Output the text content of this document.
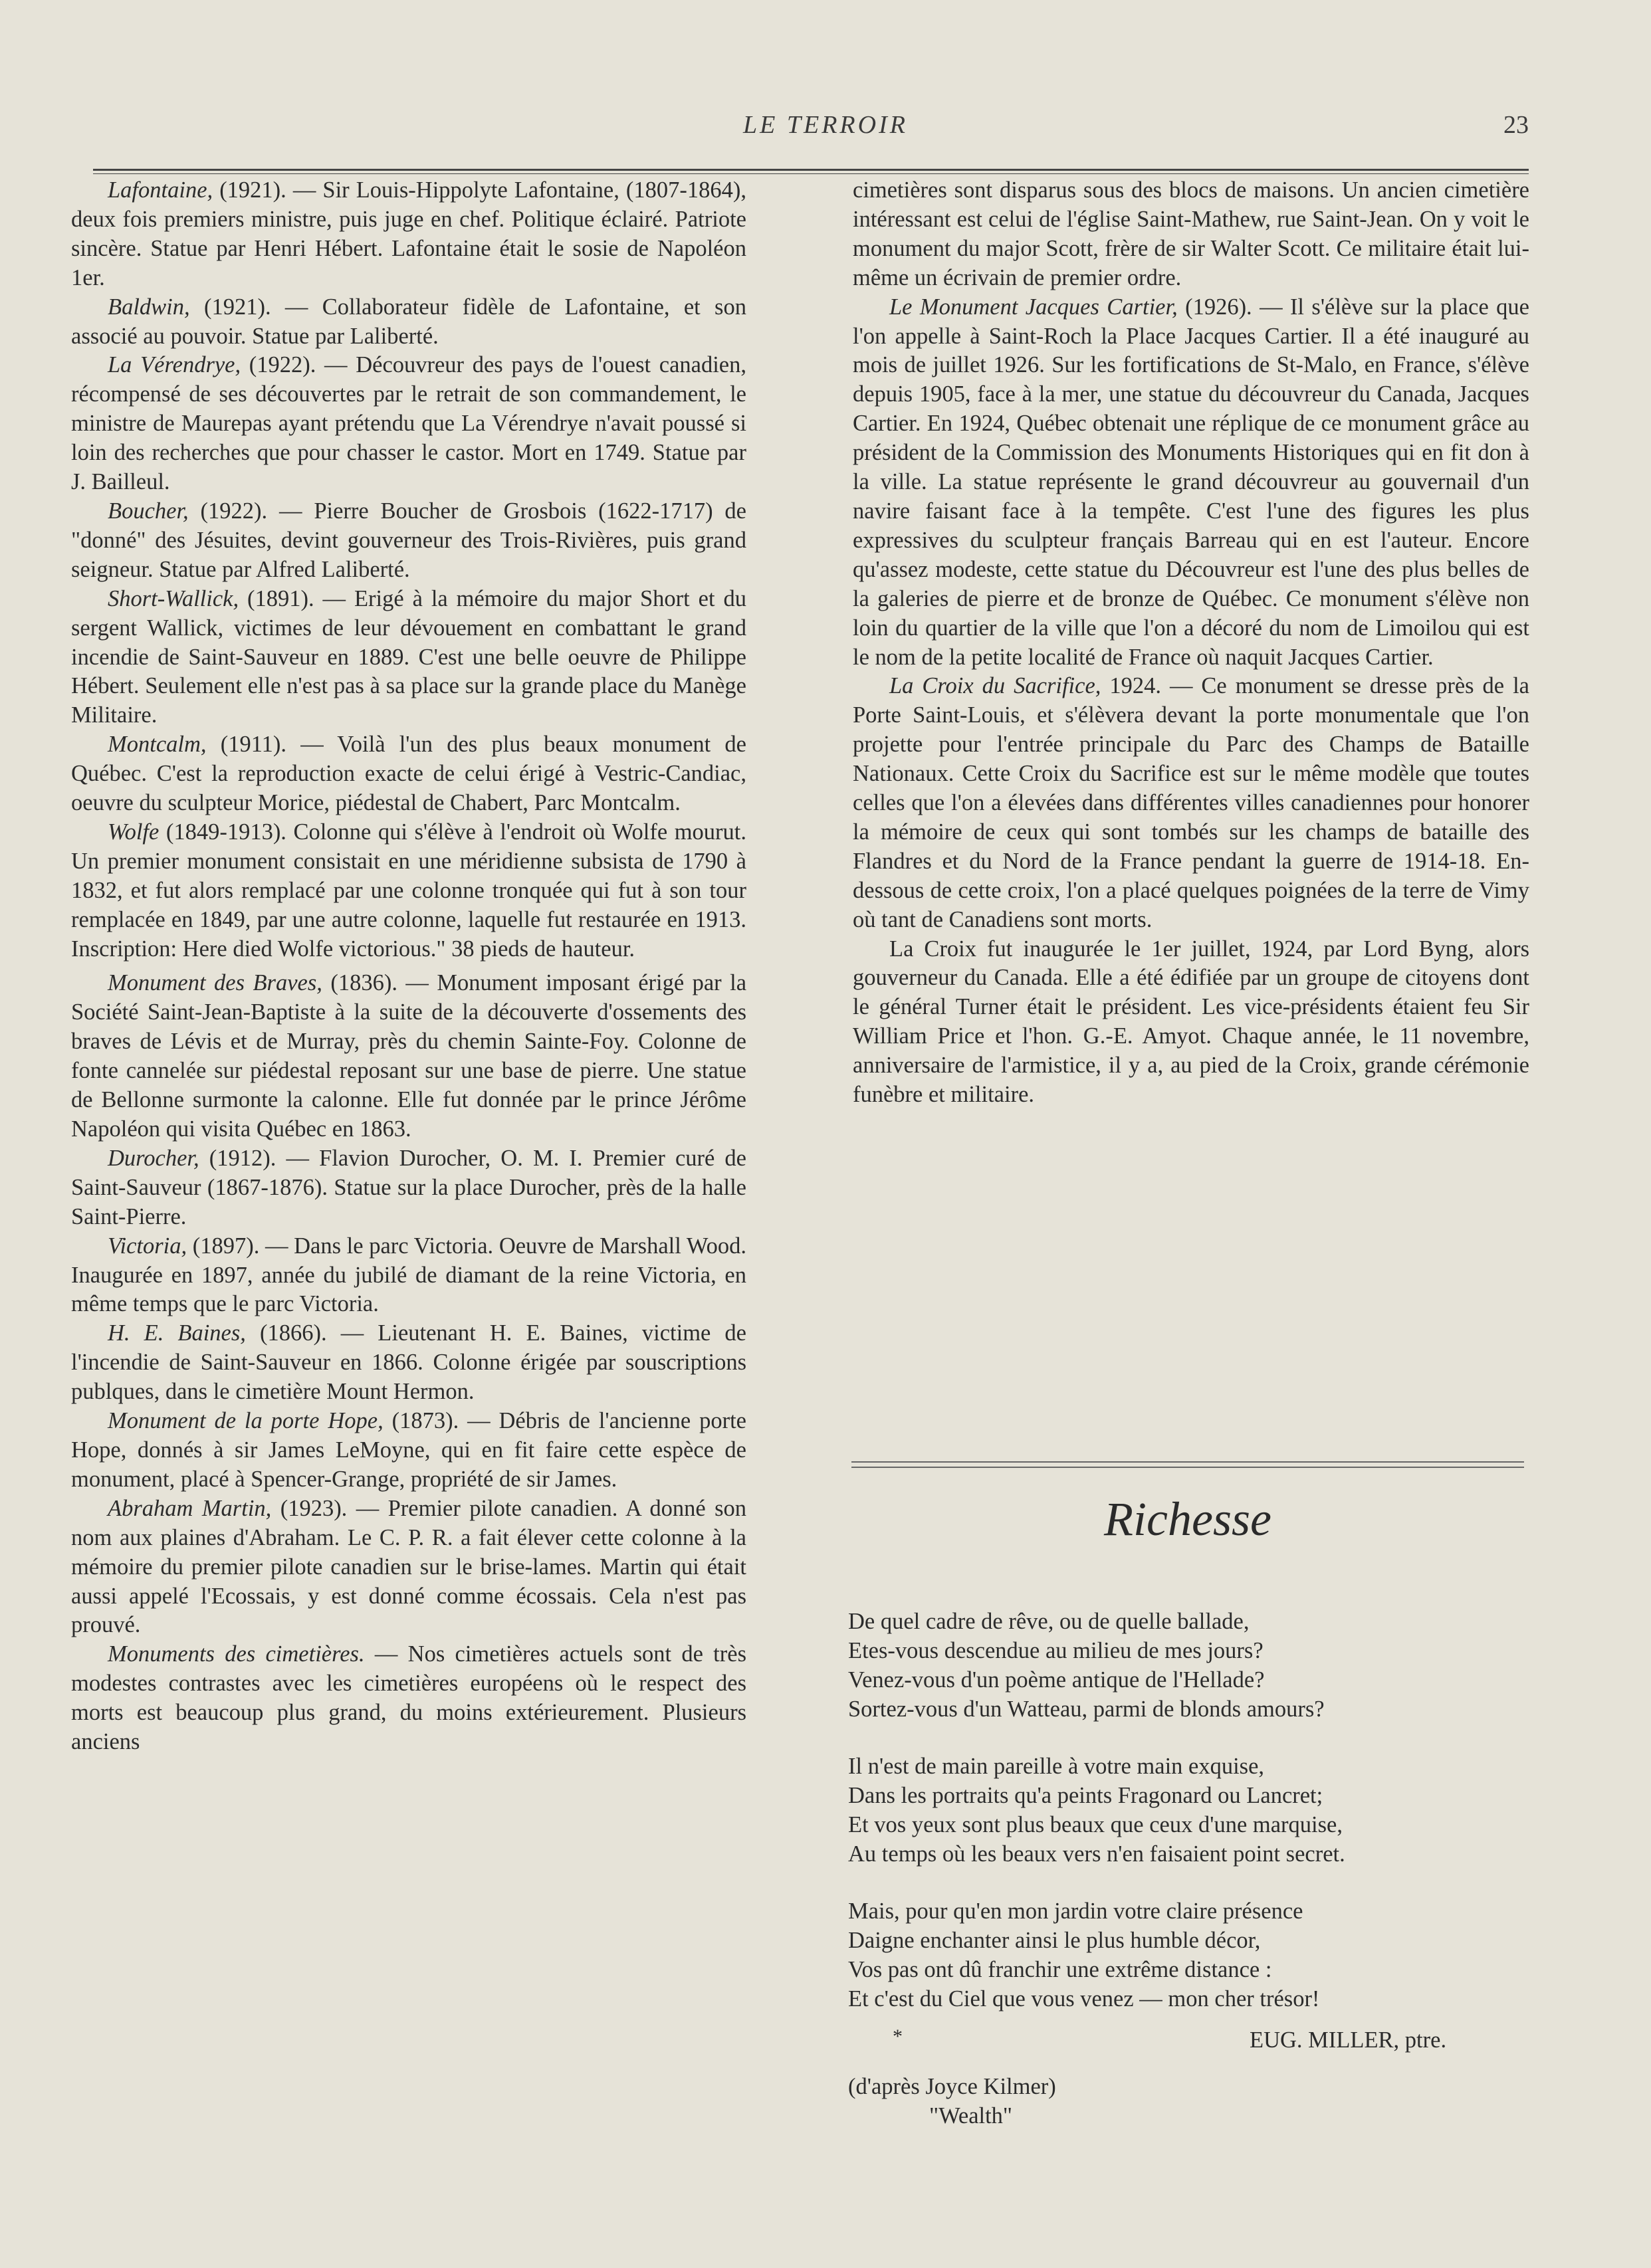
LE TERROIR	23

Lafontaine, (1921). — Sir Louis-Hippolyte Lafontaine, (1807-1864), deux fois premiers ministre, puis juge en chef. Politique éclairé. Patriote sincère. Statue par Henri Hébert. Lafontaine était le sosie de Napoléon 1er.

Baldwin, (1921). — Collaborateur fidèle de Lafontaine, et son associé au pouvoir. Statue par Laliberté.

La Vérendrye, (1922). — Découvreur des pays de l'ouest canadien, récompensé de ses découvertes par le retrait de son commandement, le ministre de Maurepas ayant prétendu que La Vérendrye n'avait poussé si loin des recherches que pour chasser le castor. Mort en 1749. Statue par J. Bailleul.

Boucher, (1922). — Pierre Boucher de Grosbois (1622-1717) de "donné" des Jésuites, devint gouverneur des Trois-Rivières, puis grand seigneur. Statue par Alfred Laliberté.

Short-Wallick, (1891). — Erigé à la mémoire du major Short et du sergent Wallick, victimes de leur dévouement en combattant le grand incendie de Saint-Sauveur en 1889. C'est une belle oeuvre de Philippe Hébert. Seulement elle n'est pas à sa place sur la grande place du Manège Militaire.

Montcalm, (1911). — Voilà l'un des plus beaux monument de Québec. C'est la reproduction exacte de celui érigé à Vestric-Candiac, oeuvre du sculpteur Morice, piédestal de Chabert, Parc Montcalm.

Wolfe (1849-1913). Colonne qui s'élève à l'endroit où Wolfe mourut. Un premier monument consistait en une méridienne subsista de 1790 à 1832, et fut alors remplacé par une colonne tronquée qui fut à son tour remplacée en 1849, par une autre colonne, laquelle fut restaurée en 1913. Inscription: Here died Wolfe victorious." 38 pieds de hauteur.

Monument des Braves, (1836). — Monument imposant érigé par la Société Saint-Jean-Baptiste à la suite de la découverte d'ossements des braves de Lévis et de Murray, près du chemin Sainte-Foy. Colonne de fonte cannelée sur piédestal reposant sur une base de pierre. Une statue de Bellonne surmonte la calonne. Elle fut donnée par le prince Jérôme Napoléon qui visita Québec en 1863.

Durocher, (1912). — Flavion Durocher, O. M. I. Premier curé de Saint-Sauveur (1867-1876). Statue sur la place Durocher, près de la halle Saint-Pierre.

Victoria, (1897). — Dans le parc Victoria. Oeuvre de Marshall Wood. Inaugurée en 1897, année du jubilé de diamant de la reine Victoria, en même temps que le parc Victoria.

H. E. Baines, (1866). — Lieutenant H. E. Baines, victime de l'incendie de Saint-Sauveur en 1866. Colonne érigée par souscriptions publques, dans le cimetière Mount Hermon.

Monument de la porte Hope, (1873). — Débris de l'ancienne porte Hope, donnés à sir James LeMoyne, qui en fit faire cette espèce de monument, placé à Spencer-Grange, propriété de sir James.

Abraham Martin, (1923). — Premier pilote canadien. A donné son nom aux plaines d'Abraham. Le C. P. R. a fait élever cette colonne à la mémoire du premier pilote canadien sur le brise-lames. Martin qui était aussi appelé l'Ecossais, y est donné comme écossais. Cela n'est pas prouvé.

Monuments des cimetières. — Nos cimetières actuels sont de très modestes contrastes avec les cimetières européens où le respect des morts est beaucoup plus grand, du moins extérieurement. Plusieurs anciens

cimetières sont disparus sous des blocs de maisons. Un ancien cimetière intéressant est celui de l'église Saint-Mathew, rue Saint-Jean. On y voit le monument du major Scott, frère de sir Walter Scott. Ce militaire était lui-même un écrivain de premier ordre.

Le Monument Jacques Cartier, (1926). — Il s'élève sur la place que l'on appelle à Saint-Roch la Place Jacques Cartier. Il a été inauguré au mois de juillet 1926. Sur les fortifications de St-Malo, en France, s'élève depuis 1905, face à la mer, une statue du découvreur du Canada, Jacques Cartier. En 1924, Québec obtenait une réplique de ce monument grâce au président de la Commission des Monuments Historiques qui en fit don à la ville. La statue représente le grand découvreur au gouvernail d'un navire faisant face à la tempête. C'est l'une des figures les plus expressives du sculpteur français Barreau qui en est l'auteur. Encore qu'assez modeste, cette statue du Découvreur est l'une des plus belles de la galeries de pierre et de bronze de Québec. Ce monument s'élève non loin du quartier de la ville que l'on a décoré du nom de Limoilou qui est le nom de la petite localité de France où naquit Jacques Cartier.

La Croix du Sacrifice, 1924. — Ce monument se dresse près de la Porte Saint-Louis, et s'élèvera devant la porte monumentale que l'on projette pour l'entrée principale du Parc des Champs de Bataille Nationaux. Cette Croix du Sacrifice est sur le même modèle que toutes celles que l'on a élevées dans différentes villes canadiennes pour honorer la mémoire de ceux qui sont tombés sur les champs de bataille des Flandres et du Nord de la France pendant la guerre de 1914-18. En-dessous de cette croix, l'on a placé quelques poignées de la terre de Vimy où tant de Canadiens sont morts.

La Croix fut inaugurée le 1er juillet, 1924, par Lord Byng, alors gouverneur du Canada. Elle a été édifiée par un groupe de citoyens dont le général Turner était le président. Les vice-présidents étaient feu Sir William Price et l'hon. G.-E. Amyot. Chaque année, le 11 novembre, anniversaire de l'armistice, il y a, au pied de la Croix, grande cérémonie funèbre et militaire.

Richesse
De quel cadre de rêve, ou de quelle ballade,
Etes-vous descendue au milieu de mes jours?
Venez-vous d'un poème antique de l'Hellade?
Sortez-vous d'un Watteau, parmi de blonds amours?
Il n'est de main pareille à votre main exquise,
Dans les portraits qu'a peints Fragonard ou Lancret;
Et vos yeux sont plus beaux que ceux d'une marquise,
Au temps où les beaux vers n'en faisaient point secret.
Mais, pour qu'en mon jardin votre claire présence
Daigne enchanter ainsi le plus humble décor,
Vos pas ont dû franchir une extrême distance :
Et c'est du Ciel que vous venez — mon cher trésor!
*	EUG. MILLER, ptre.
(d'après Joyce Kilmer)
"Wealth"
